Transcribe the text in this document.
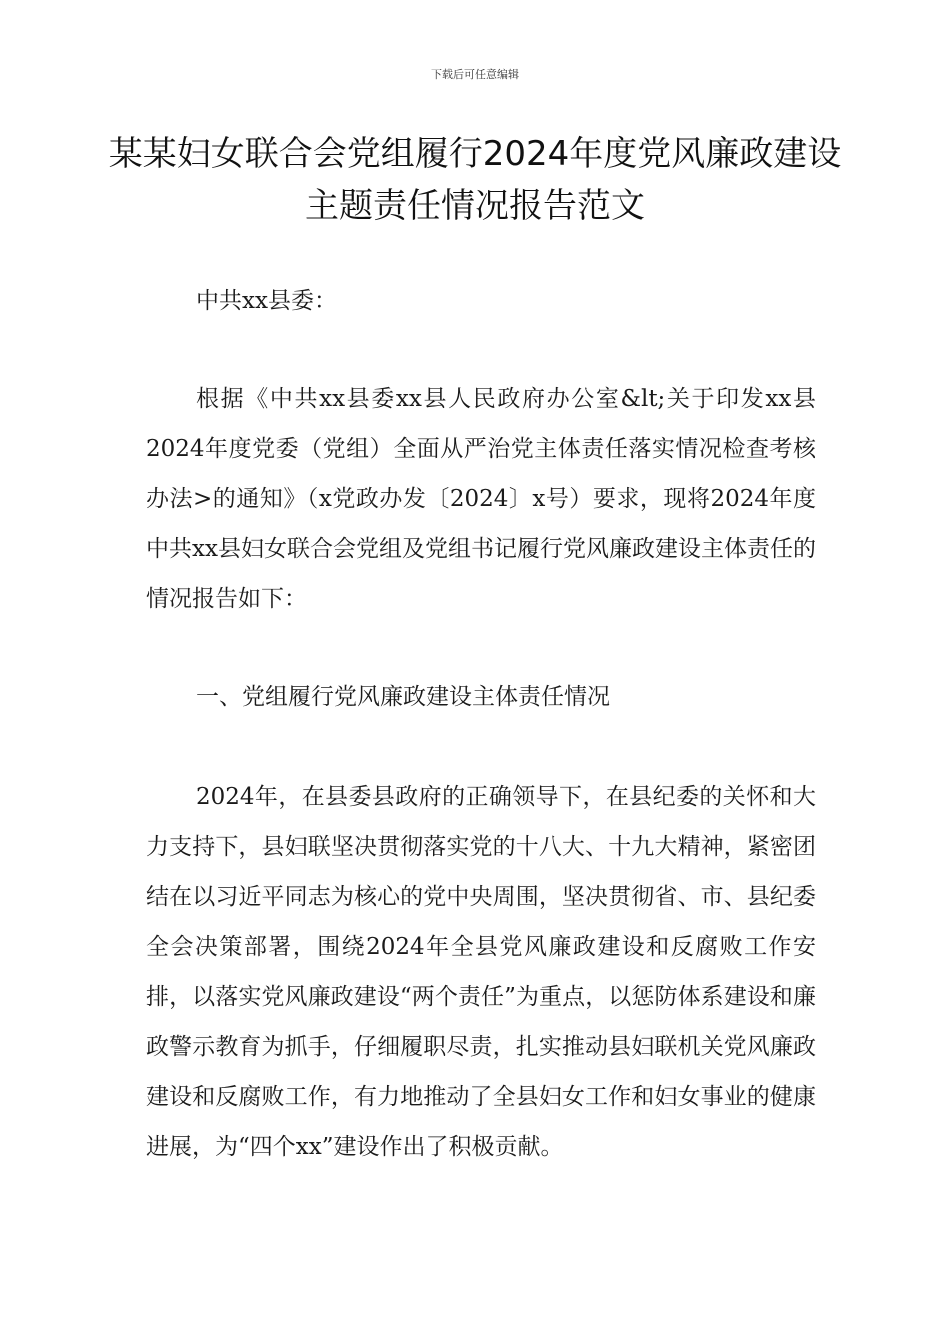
下载后可任意编辑
某某妇女联合会党组履行2024年度党风廉政建设主题责任情况报告范文

中共xx县委：

根据《中共xx县委xx县人民政府办公室&lt;关于印发xx县2024年度党委（党组）全面从严治党主体责任落实情况检查考核办法>的通知》（x党政办发〔2024〕x号）要求，现将2024年度中共xx县妇女联合会党组及党组书记履行党风廉政建设主体责任的情况报告如下：

一、党组履行党风廉政建设主体责任情况

2024年，在县委县政府的正确领导下，在县纪委的关怀和大力支持下，县妇联坚决贯彻落实党的十八大、十九大精神，紧密团结在以习近平同志为核心的党中央周围，坚决贯彻省、市、县纪委全会决策部署，围绕2024年全县党风廉政建设和反腐败工作安排，以落实党风廉政建设“两个责任”为重点，以惩防体系建设和廉政警示教育为抓手，仔细履职尽责，扎实推动县妇联机关党风廉政建设和反腐败工作，有力地推动了全县妇女工作和妇女事业的健康进展，为“四个xx”建设作出了积极贡献。
